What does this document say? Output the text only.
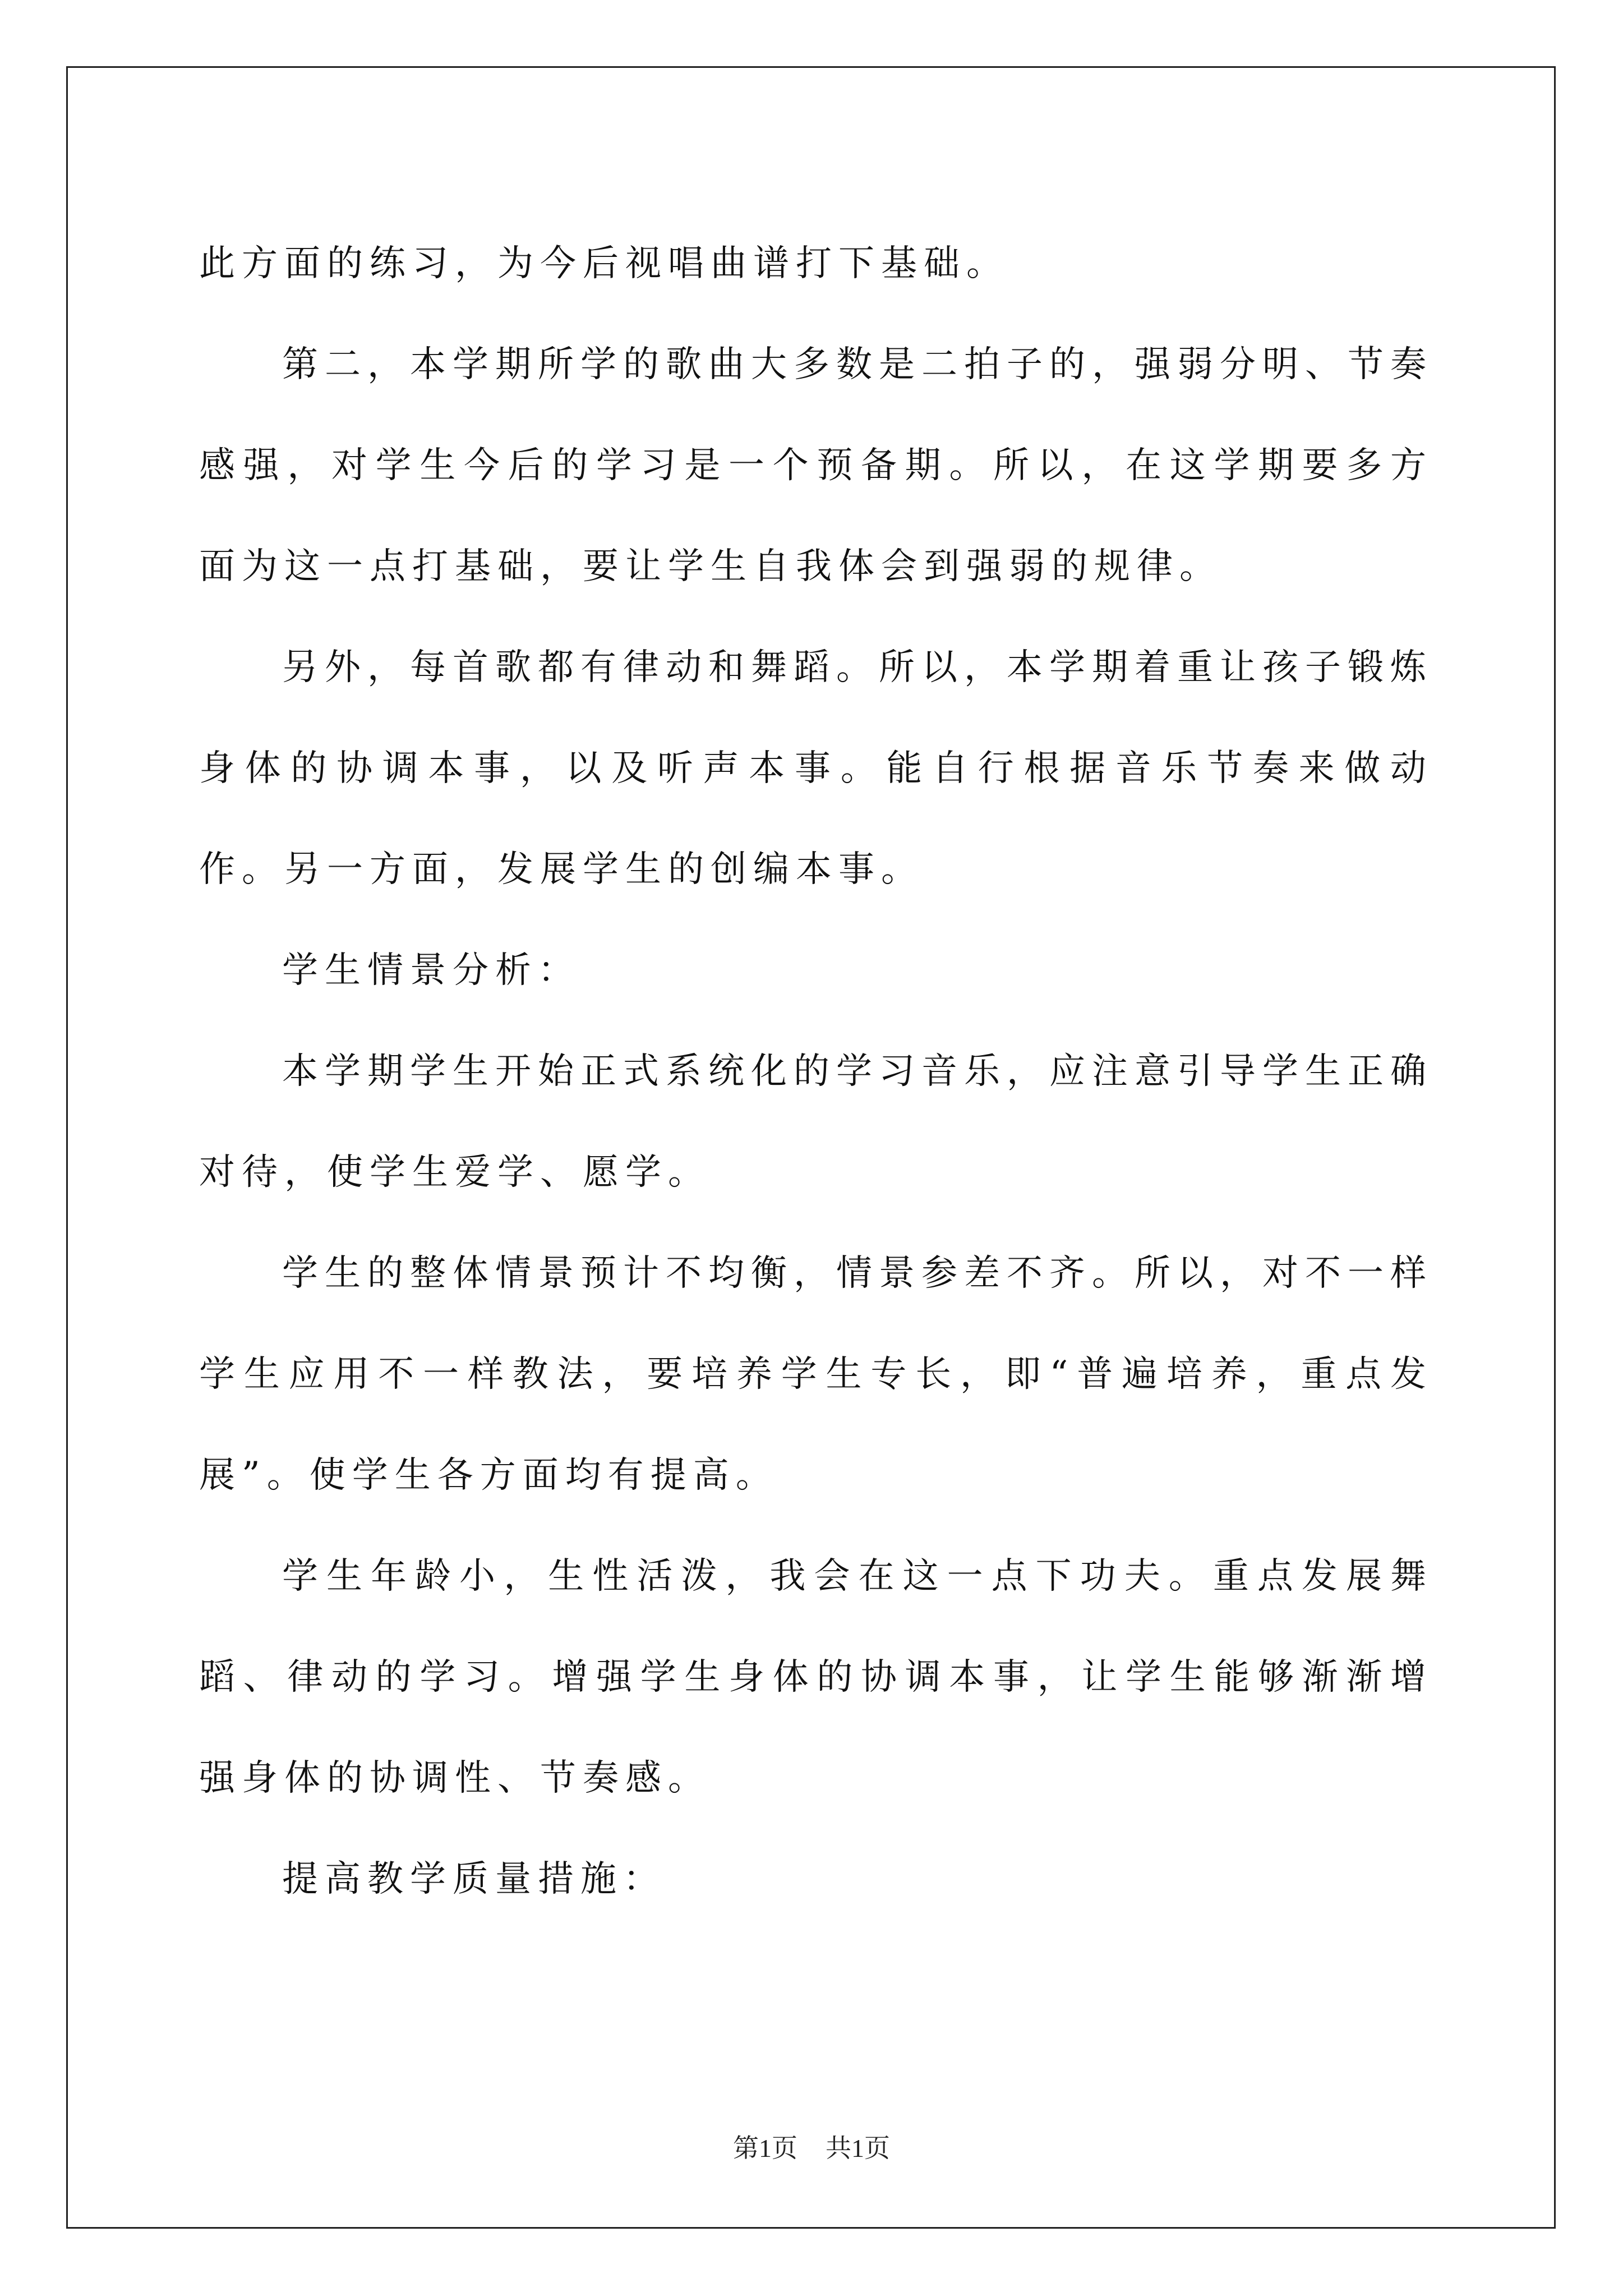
此方面的练习，为今后视唱曲谱打下基础。

第二，本学期所学的歌曲大多数是二拍子的，强弱分明、节奏感强，对学生今后的学习是一个预备期。所以，在这学期要多方面为这一点打基础，要让学生自我体会到强弱的规律。

另外，每首歌都有律动和舞蹈。所以，本学期着重让孩子锻炼身体的协调本事，以及听声本事。能自行根据音乐节奏来做动作。另一方面，发展学生的创编本事。

学生情景分析：

本学期学生开始正式系统化的学习音乐，应注意引导学生正确对待，使学生爱学、愿学。

学生的整体情景预计不均衡，情景参差不齐。所以，对不一样学生应用不一样教法，要培养学生专长，即“普遍培养，重点发展”。使学生各方面均有提高。

学生年龄小，生性活泼，我会在这一点下功夫。重点发展舞蹈、律动的学习。增强学生身体的协调本事，让学生能够渐渐增强身体的协调性、节奏感。

提高教学质量措施：

第1页 共1页
